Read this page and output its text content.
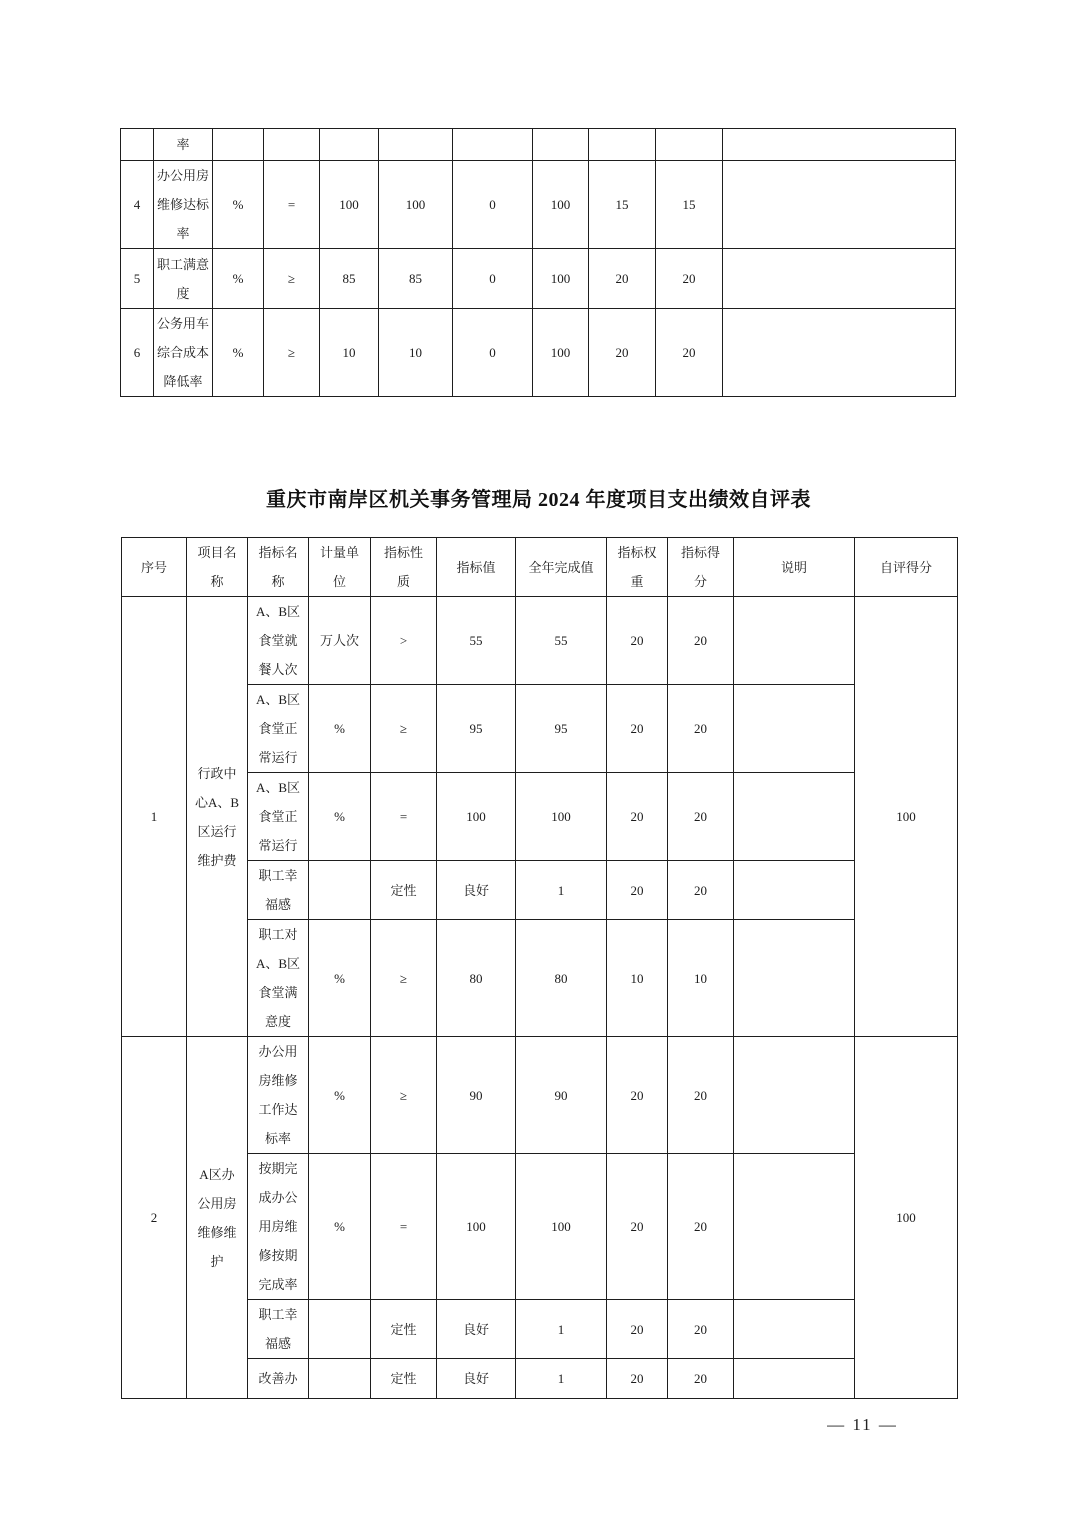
	率									
4	办公用房维修达标率	%	=	100	100	0	100	15	15	
5	职工满意度	%	≥	85	85	0	100	20	20	
6	公务用车综合成本降低率	%	≥	10	10	0	100	20	20	
重庆市南岸区机关事务管理局 2024 年度项目支出绩效自评表
序号	项目名称	指标名称	计量单位	指标性质	指标值	全年完成值	指标权重	指标得分	说明	自评得分
1	行政中心A、B区运行维护费	A、B区食堂就餐人次	万人次	>	55	55	20	20		100
		A、B区食堂正常运行	%	≥	95	95	20	20		
		A、B区食堂正常运行	%	=	100	100	20	20		
		职工幸福感		定性	良好	1	20	20		
		职工对A、B区食堂满意度	%	≥	80	80	10	10		
2	A区办公用房维修维护	办公用房维修工作达标率	%	≥	90	90	20	20		100
		按期完成办公用房维修按期完成率	%	=	100	100	20	20		
		职工幸福感		定性	良好	1	20	20		
		改善办		定性	良好	1	20	20		
— 11 —
